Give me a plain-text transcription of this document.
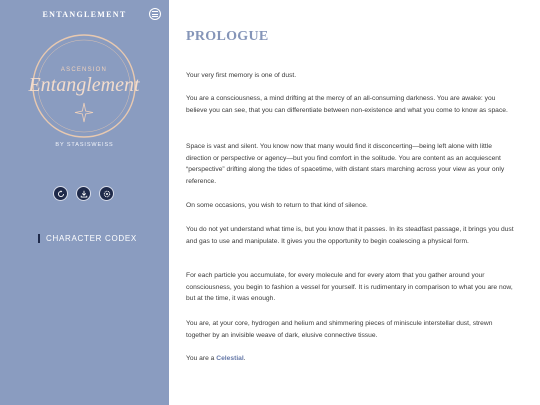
ENTANGLEMENT
ASCENSION
Entanglement
BY STASISWEISS
CHARACTER CODEX
PROLOGUE

Your very first memory is one of dust.

You are a consciousness, a mind drifting at the mercy of an all-consuming darkness. You are awake: you believe you can see, that you can differentiate between non-existence and what you come to know as space.

Space is vast and silent. You know now that many would find it disconcerting—being left alone with little direction or perspective or agency—but you find comfort in the solitude. You are content as an acquiescent “perspective” drifting along the tides of spacetime, with distant stars marching across your view as your only reference.

On some occasions, you wish to return to that kind of silence.

You do not yet understand what time is, but you know that it passes. In its steadfast passage, it brings you dust and gas to use and manipulate. It gives you the opportunity to begin coalescing a physical form.

For each particle you accumulate, for every molecule and for every atom that you gather around your consciousness, you begin to fashion a vessel for yourself. It is rudimentary in comparison to what you are now, but at the time, it was enough.

You are, at your core, hydrogen and helium and shimmering pieces of miniscule interstellar dust, strewn together by an invisible weave of dark, elusive connective tissue.

You are a Celestial.
